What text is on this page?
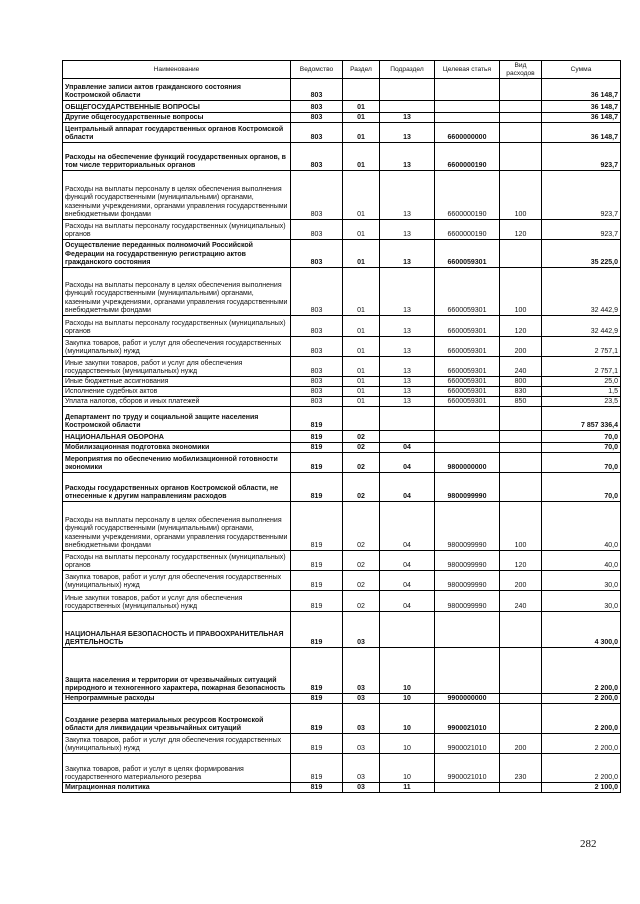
Наименование	Ведомство	Раздел	Подраздел	Целевая статья	Вид расходов	Сумма
Управление записи актов гражданского состояния Костромской области	803					36 148,7
ОБЩЕГОСУДАРСТВЕННЫЕ ВОПРОСЫ	803	01				36 148,7
Другие общегосударственные вопросы	803	01	13			36 148,7
Центральный аппарат государственных органов Костромской области	803	01	13	6600000000		36 148,7
Расходы на обеспечение функций государственных органов, в том числе территориальных органов	803	01	13	6600000190		923,7
Расходы на выплаты персоналу в целях обеспечения выполнения функций государственными (муниципальными) органами, казенными учреждениями, органами управления государственными внебюджетными фондами	803	01	13	6600000190	100	923,7
Расходы на выплаты персоналу государственных (муниципальных) органов	803	01	13	6600000190	120	923,7
Осуществление переданных полномочий Российской Федерации на государственную регистрацию актов гражданского состояния	803	01	13	6600059301		35 225,0
Расходы на выплаты персоналу в целях обеспечения выполнения функций государственными (муниципальными) органами, казенными учреждениями, органами управления государственными внебюджетными фондами	803	01	13	6600059301	100	32 442,9
Расходы на выплаты персоналу государственных (муниципальных) органов	803	01	13	6600059301	120	32 442,9
Закупка товаров, работ и услуг для обеспечения государственных (муниципальных) нужд	803	01	13	6600059301	200	2 757,1
Иные закупки товаров, работ и услуг для обеспечения государственных (муниципальных) нужд	803	01	13	6600059301	240	2 757,1
Иные бюджетные ассигнования	803	01	13	6600059301	800	25,0
Исполнение судебных актов	803	01	13	6600059301	830	1,5
Уплата налогов, сборов и иных платежей	803	01	13	6600059301	850	23,5
Департамент по труду и социальной защите населения Костромской области	819					7 857 336,4
НАЦИОНАЛЬНАЯ ОБОРОНА	819	02				70,0
Мобилизационная подготовка экономики	819	02	04			70,0
Мероприятия по обеспечению мобилизационной готовности экономики	819	02	04	9800000000		70,0
Расходы государственных органов Костромской области, не отнесенные к другим направлениям расходов	819	02	04	9800099990		70,0
Расходы на выплаты персоналу в целях обеспечения выполнения функций государственными (муниципальными) органами, казенными учреждениями, органами управления государственными внебюджетными фондами	819	02	04	9800099990	100	40,0
Расходы на выплаты персоналу государственных (муниципальных) органов	819	02	04	9800099990	120	40,0
Закупка товаров, работ и услуг для обеспечения государственных (муниципальных) нужд	819	02	04	9800099990	200	30,0
Иные закупки товаров, работ и услуг для обеспечения государственных (муниципальных) нужд	819	02	04	9800099990	240	30,0
НАЦИОНАЛЬНАЯ БЕЗОПАСНОСТЬ И ПРАВООХРАНИТЕЛЬНАЯ ДЕЯТЕЛЬНОСТЬ	819	03				4 300,0
Защита населения и территории от чрезвычайных ситуаций природного и техногенного характера, пожарная безопасность	819	03	10			2 200,0
Непрограммные расходы	819	03	10	9900000000		2 200,0
Создание резерва материальных ресурсов Костромской области для ликвидации чрезвычайных ситуаций	819	03	10	9900021010		2 200,0
Закупка товаров, работ и услуг для обеспечения государственных (муниципальных) нужд	819	03	10	9900021010	200	2 200,0
Закупка товаров, работ и услуг в целях формирования государственного материального резерва	819	03	10	9900021010	230	2 200,0
Миграционная политика	819	03	11			2 100,0
282
